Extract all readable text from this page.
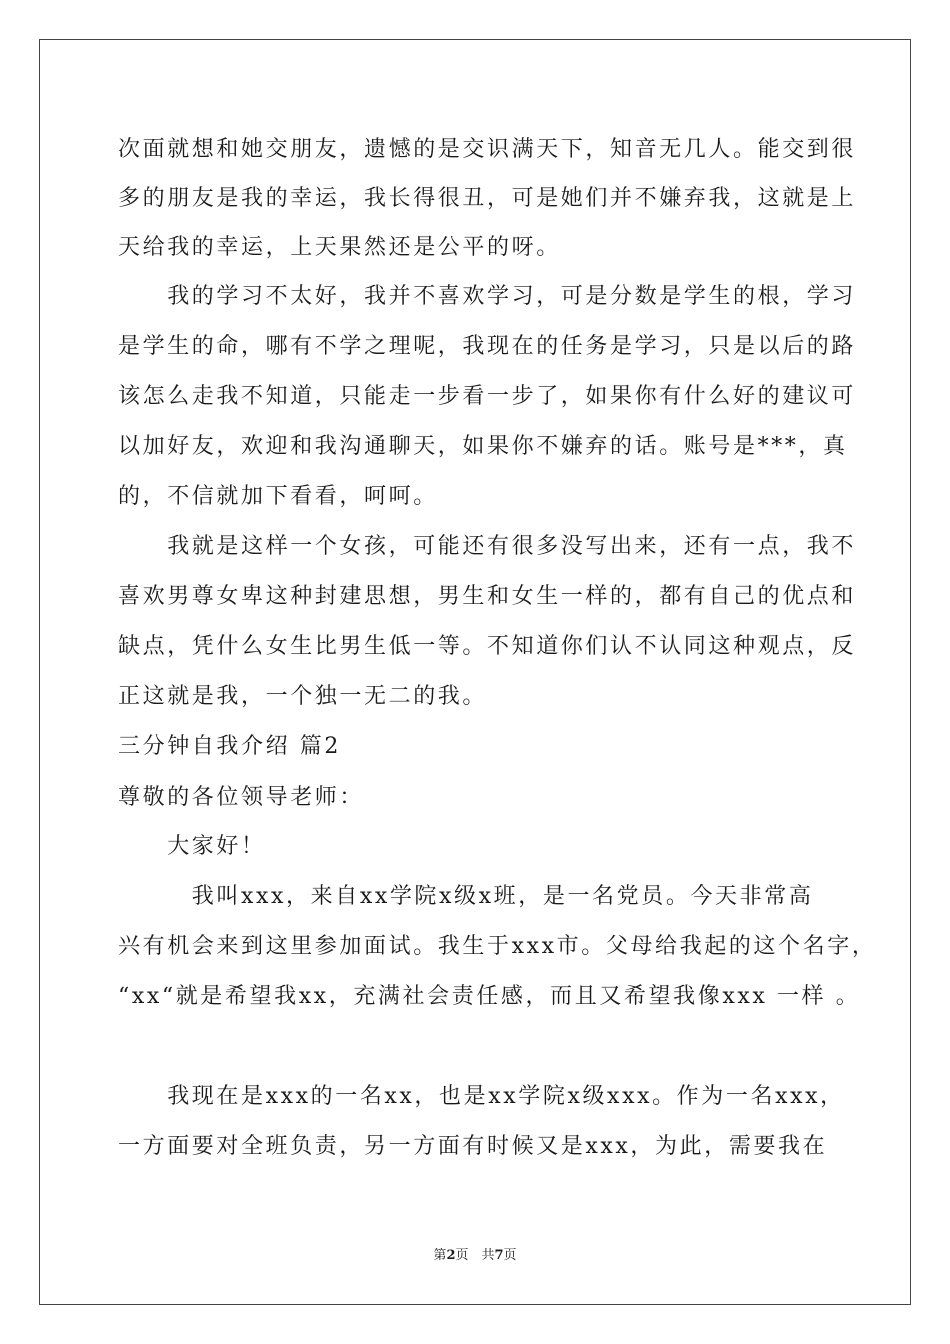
次面就想和她交朋友，遗憾的是交识满天下，知音无几人。能交到很
多的朋友是我的幸运，我长得很丑，可是她们并不嫌弃我，这就是上
天给我的幸运，上天果然还是公平的呀。
　　我的学习不太好，我并不喜欢学习，可是分数是学生的根，学习
是学生的命，哪有不学之理呢，我现在的任务是学习，只是以后的路
该怎么走我不知道，只能走一步看一步了，如果你有什么好的建议可
以加好友，欢迎和我沟通聊天，如果你不嫌弃的话。账号是***，真
的，不信就加下看看，呵呵。
　　我就是这样一个女孩，可能还有很多没写出来，还有一点，我不
喜欢男尊女卑这种封建思想，男生和女生一样的，都有自己的优点和
缺点，凭什么女生比男生低一等。不知道你们认不认同这种观点，反
正这就是我，一个独一无二的我。
三分钟自我介绍 篇2
尊敬的各位领导老师：
　　大家好！
　　　我叫xxx，来自xx学院x级x班，是一名党员。今天非常高
兴有机会来到这里参加面试。我生于xxx市。父母给我起的这个名字，
“xx“就是希望我xx，充满社会责任感，而且又希望我像xxx 一样 。
　　我现在是xxx的一名xx，也是xx学院x级xxx。作为一名xxx，
一方面要对全班负责，另一方面有时候又是xxx，为此，需要我在
第2页　共7页
